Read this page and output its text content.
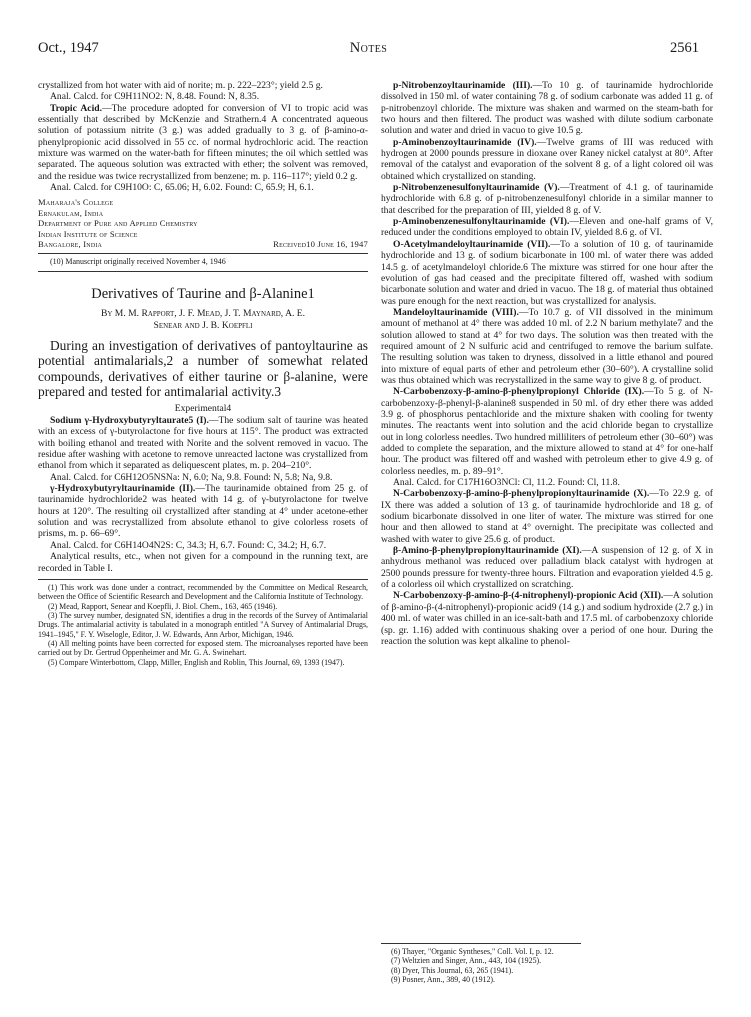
Oct., 1947	Notes	2561

crystallized from hot water with aid of norite; m. p. 222–223°; yield 2.5 g.

Anal. Calcd. for C9H11NO2: N, 8.48. Found: N, 8.35.

Tropic Acid.—The procedure adopted for conversion of VI to tropic acid was essentially that described by McKenzie and Strathern.4 A concentrated aqueous solution of potassium nitrite (3 g.) was added gradually to 3 g. of β-amino-α-phenylpropionic acid dissolved in 55 cc. of normal hydrochloric acid. The reaction mixture was warmed on the water-bath for fifteen minutes; the oil which settled was separated. The aqueous solution was extracted with ether; the solvent was removed, and the residue was twice recrystallized from benzene; m. p. 116–117°; yield 0.2 g.

Anal. Calcd. for C9H10O: C, 65.06; H, 6.02. Found: C, 65.9; H, 6.1.

Maharaja's College
Ernakulam, India
Department of Pure and Applied Chemistry
Indian Institute of Science
Bangalore, India	Received10 June 16, 1947

(10) Manuscript originally received November 4, 1946

Derivatives of Taurine and β-Alanine1
By M. M. Rapport, J. F. Mead, J. T. Maynard, A. E.
Senear and J. B. Koepfli

During an investigation of derivatives of pantoyltaurine as potential antimalarials,2 a number of somewhat related compounds, derivatives of either taurine or β-alanine, were prepared and tested for antimalarial activity.3

Experimental4

Sodium γ-Hydroxybutyryltaurate5 (I).—The sodium salt of taurine was heated with an excess of γ-butyrolactone for five hours at 115°. The product was extracted with boiling ethanol and treated with Norite and the solvent removed in vacuo. The residue after washing with acetone to remove unreacted lactone was crystallized from ethanol from which it separated as deliquescent plates, m. p. 204–210°.

Anal. Calcd. for C6H12O5NSNa: N, 6.0; Na, 9.8. Found: N, 5.8; Na, 9.8.

γ-Hydroxybutyryltaurinamide (II).—The taurinamide obtained from 25 g. of taurinamide hydrochloride2 was heated with 14 g. of γ-butyrolactone for twelve hours at 120°. The resulting oil crystallized after standing at 4° under acetone-ether solution and was recrystallized from absolute ethanol to give colorless rosets of prisms, m. p. 66–69°.

Anal. Calcd. for C6H14O4N2S: C, 34.3; H, 6.7. Found: C, 34.2; H, 6.7.

Analytical results, etc., when not given for a compound in the running text, are recorded in Table I.

(1) This work was done under a contract, recommended by the Committee on Medical Research, between the Office of Scientific Research and Development and the California Institute of Technology.

(2) Mead, Rapport, Senear and Koepfli, J. Biol. Chem., 163, 465 (1946).

(3) The survey number, designated SN, identifies a drug in the records of the Survey of Antimalarial Drugs. The antimalarial activity is tabulated in a monograph entitled "A Survey of Antimalarial Drugs, 1941–1945," F. Y. Wiselogle, Editor, J. W. Edwards, Ann Arbor, Michigan, 1946.

(4) All melting points have been corrected for exposed stem. The microanalyses reported have been carried out by Dr. Gertrud Oppenheimer and Mr. G. A. Swinehart.

(5) Compare Winterbottom, Clapp, Miller, English and Roblin, This Journal, 69, 1393 (1947).

p-Nitrobenzoyltaurinamide (III).—To 10 g. of taurinamide hydrochloride dissolved in 150 ml. of water containing 78 g. of sodium carbonate was added 11 g. of p-nitrobenzoyl chloride. The mixture was shaken and warmed on the steam-bath for two hours and then filtered. The product was washed with dilute sodium carbonate solution and water and dried in vacuo to give 10.5 g.

p-Aminobenzoyltaurinamide (IV).—Twelve grams of III was reduced with hydrogen at 2000 pounds pressure in dioxane over Raney nickel catalyst at 80°. After removal of the catalyst and evaporation of the solvent 8 g. of a light colored oil was obtained which crystallized on standing.

p-Nitrobenzenesulfonyltaurinamide (V).—Treatment of 4.1 g. of taurinamide hydrochloride with 6.8 g. of p-nitrobenzenesulfonyl chloride in a similar manner to that described for the preparation of III, yielded 8 g. of V.

p-Aminobenzenesulfonyltaurinamide (VI).—Eleven and one-half grams of V, reduced under the conditions employed to obtain IV, yielded 8.6 g. of VI.

O-Acetylmandeloyltaurinamide (VII).—To a solution of 10 g. of taurinamide hydrochloride and 13 g. of sodium bicarbonate in 100 ml. of water there was added 14.5 g. of acetylmandeloyl chloride.6 The mixture was stirred for one hour after the evolution of gas had ceased and the precipitate filtered off, washed with sodium bicarbonate solution and water and dried in vacuo. The 18 g. of material thus obtained was pure enough for the next reaction, but was crystallized for analysis.

Mandeloyltaurinamide (VIII).—To 10.7 g. of VII dissolved in the minimum amount of methanol at 4° there was added 10 ml. of 2.2 N barium methylate7 and the solution allowed to stand at 4° for two days. The solution was then treated with the required amount of 2 N sulfuric acid and centrifuged to remove the barium sulfate. The resulting solution was taken to dryness, dissolved in a little ethanol and poured into mixture of equal parts of ether and petroleum ether (30–60°). A crystalline solid was thus obtained which was recrystallized in the same way to give 8 g. of product.

N-Carbobenzoxy-β-amino-β-phenylpropionyl Chloride (IX).—To 5 g. of N-carbobenzoxy-β-phenyl-β-alanine8 suspended in 50 ml. of dry ether there was added 3.9 g. of phosphorus pentachloride and the mixture shaken with cooling for twenty minutes. The reactants went into solution and the acid chloride began to crystallize out in long colorless needles. Two hundred milliliters of petroleum ether (30–60°) was added to complete the separation, and the mixture allowed to stand at 4° for one-half hour. The product was filtered off and washed with petroleum ether to give 4.9 g. of colorless needles, m. p. 89–91°.

Anal. Calcd. for C17H16O3NCl: Cl, 11.2. Found: Cl, 11.8.

N-Carbobenzoxy-β-amino-β-phenylpropionyltaurinamide (X).—To 22.9 g. of IX there was added a solution of 13 g. of taurinamide hydrochloride and 18 g. of sodium bicarbonate dissolved in one liter of water. The mixture was stirred for one hour and then allowed to stand at 4° overnight. The precipitate was collected and washed with water to give 25.6 g. of product.

β-Amino-β-phenylpropionyltaurinamide (XI).—A suspension of 12 g. of X in anhydrous methanol was reduced over palladium black catalyst with hydrogen at 2500 pounds pressure for twenty-three hours. Filtration and evaporation yielded 4.5 g. of a colorless oil which crystallized on scratching.

N-Carbobenzoxy-β-amino-β-(4-nitrophenyl)-propionic Acid (XII).—A solution of β-amino-β-(4-nitrophenyl)-propionic acid9 (14 g.) and sodium hydroxide (2.7 g.) in 400 ml. of water was chilled in an ice-salt-bath and 17.5 ml. of carbobenzoxy chloride (sp. gr. 1.16) added with continuous shaking over a period of one hour. During the reaction the solution was kept alkaline to phenol-

(6) Thayer, "Organic Syntheses," Coll. Vol. I, p. 12.

(7) Weltzien and Singer, Ann., 443, 104 (1925).

(8) Dyer, This Journal, 63, 265 (1941).

(9) Posner, Ann., 389, 40 (1912).
